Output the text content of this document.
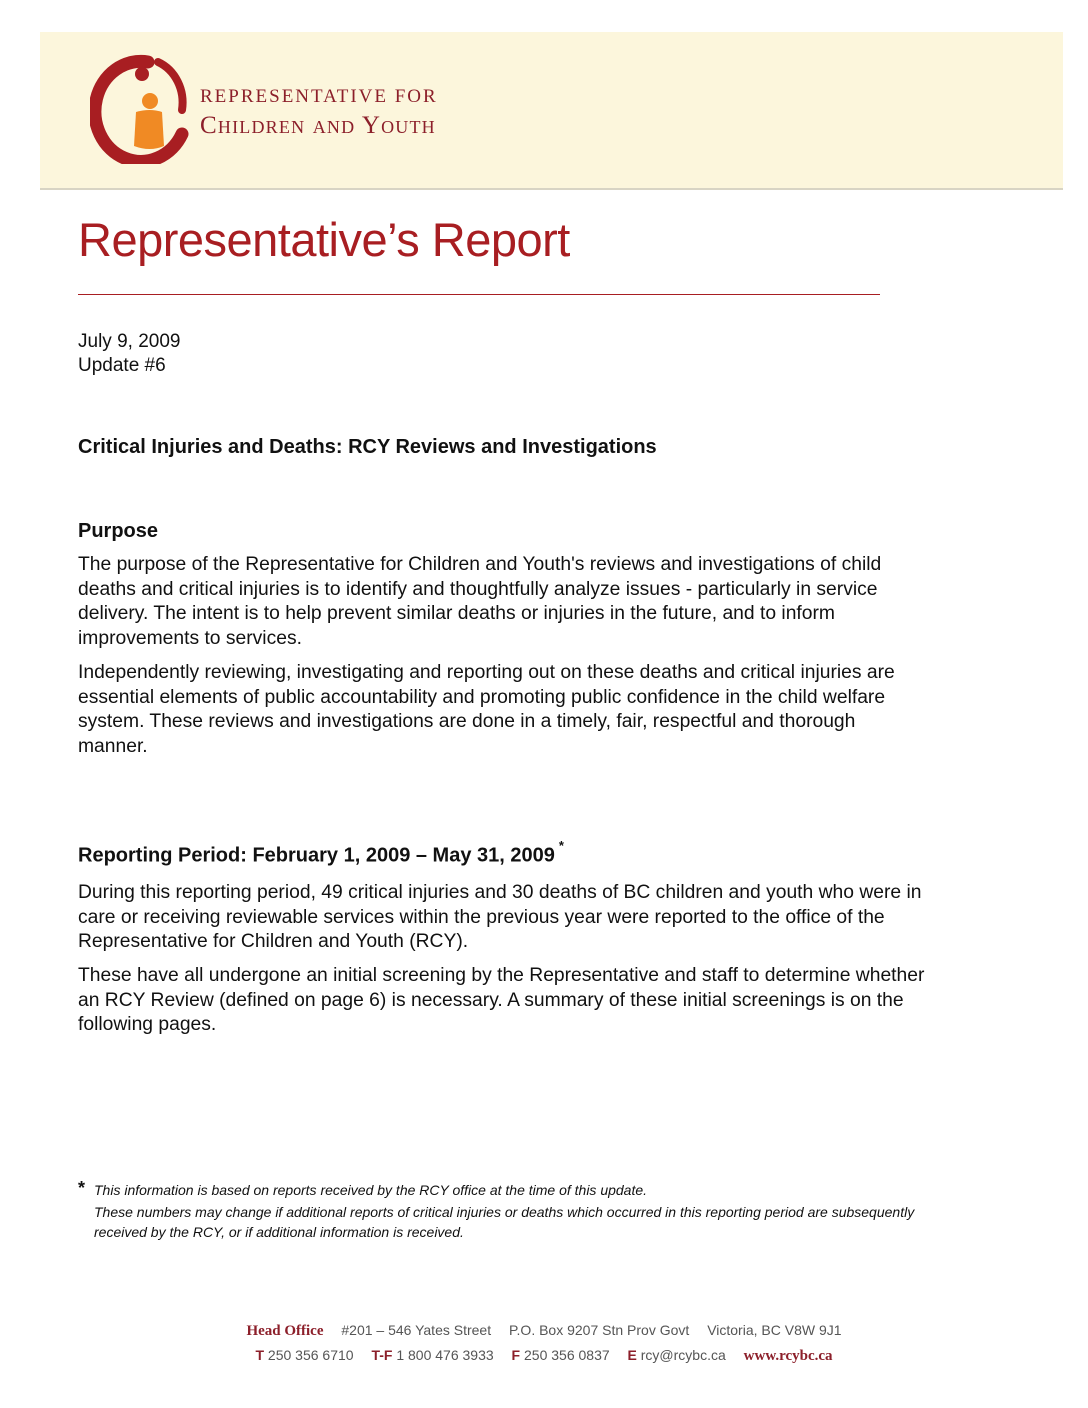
REPRESENTATIVE FOR
Children and Youth
Representative’s Report
July 9, 2009
Update #6
Critical Injuries and Deaths: RCY Reviews and Investigations
Purpose

The purpose of the Representative for Children and Youth's reviews and investigations of child deaths and critical injuries is to identify and thoughtfully analyze issues - particularly in service delivery. The intent is to help prevent similar deaths or injuries in the future, and to inform improvements to services.

Independently reviewing, investigating and reporting out on these deaths and critical injuries are essential elements of public accountability and promoting public confidence in the child welfare system. These reviews and investigations are done in a timely, fair, respectful and thorough manner.

Reporting Period: February 1, 2009 – May 31, 2009 *

During this reporting period, 49 critical injuries and 30 deaths of BC children and youth who were in care or receiving reviewable services within the previous year were reported to the office of the Representative for Children and Youth (RCY).

These have all undergone an initial screening by the Representative and staff to determine whether an RCY Review (defined on page 6) is necessary. A summary of these initial screenings is on the following pages.

* This information is based on reports received by the RCY office at the time of this update.
These numbers may change if additional reports of critical injuries or deaths which occurred in this reporting period are subsequently received by the RCY, or if additional information is received.
Head Office #201 – 546 Yates Street P.O. Box 9207 Stn Prov Govt Victoria, BC V8W 9J1
T 250 356 6710 T-F 1 800 476 3933 F 250 356 0837 E rcy@rcybc.ca www.rcybc.ca
